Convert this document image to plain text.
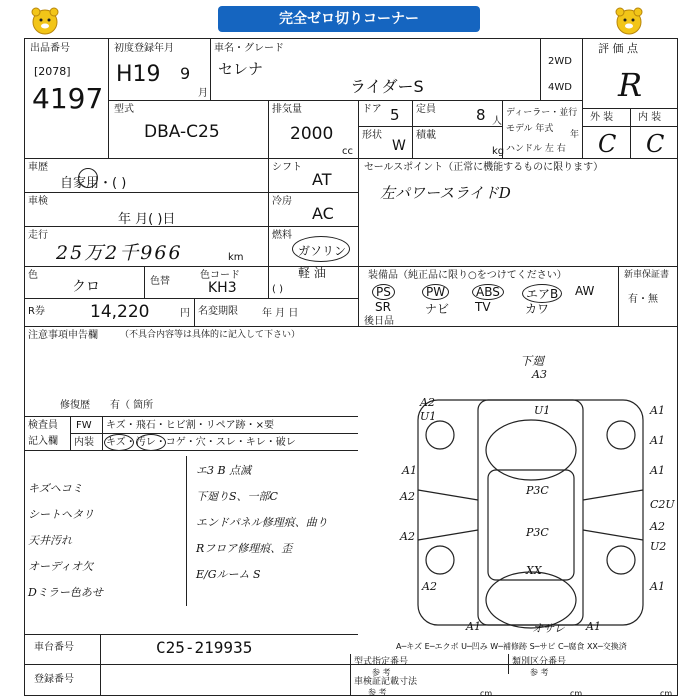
完全ゼロ切りコーナー
出品番号
[2078]
4197
初度登録年月
H19 9
月
車名・グレード
セレナ
ライダーS
2WD
4WD
評 価 点
R
外 装 内 装
C C
型式
DBA-C25
排気量
2000
cc
ドア 5 定員	8 人
形状
W
積載
kg
ディーラー・並行
モデル 年式
年
ハンドル 左 右
車歴
自家用・( )
シフト
AT
車検
年 月( )日
冷房
AC
走行
25万2千966	km
燃料
ガソリン
軽 油
( )
色
クロ	色替
色コード
KH3
R券	14,220	円 名変期限 年 月 日
セールスポイント（正常に機能するものに限ります）
左パワースライドD
装備品（純正品に限り○をつけてください）
PS	PW	ABS	エアB	AW
SR	ナビ TV	カワ
新車保証書
有・無
後日品
注意事項申告欄 （不具合内容等は具体的に記入して下さい）
修復歴 有（ 箇所
検査員
記入欄
FW キズ・飛石・ヒビ割・リペア跡・×要
内装 キズ・汚レ・コゲ・穴・スレ・キレ・破レ
キズヘコミ
シートヘタリ
天井汚れ
オーディオ欠
Dミラー色あせ
エ3 B 点滅
下廻りS、一部C
エンドパネル修理痕、曲り
Rフロア修理痕、歪
E/Gルーム S
下廻
A3
A2
U1	U1	A1
A1
A1	A1
A2	P3C
C2U
A2
P3C
A2
U2
XX
A2
A1	オサレ A1
A1
A─キズ E─エクボ U─凹み W─補修跡 S─サビ C─腐食 XX─交換済
車台番号	C25-219935
登録番号
型式指定番号
参 考
類別区分番号
参 考
車検証記載寸法
参 考	cm	cm	cm
